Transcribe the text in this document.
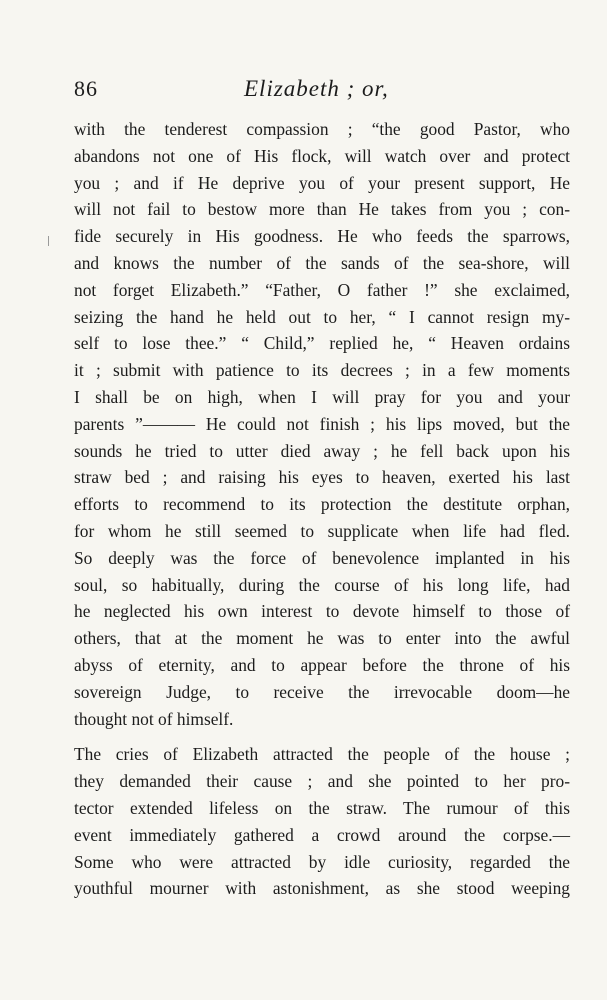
86	Elizabeth ; or,
with the tenderest compassion ; “the good Pastor, who
abandons not one of His flock, will watch over and protect
you ; and if He deprive you of your present support, He
will not fail to bestow more than He takes from you ; con-
fide securely in His goodness. He who feeds the sparrows,
and knows the number of the sands of the sea-shore, will
not forget Elizabeth.” “Father, O father !” she exclaimed,
seizing the hand he held out to her, “ I cannot resign my-
self to lose thee.” “ Child,” replied he, “ Heaven ordains
it ; submit with patience to its decrees ; in a few moments
I shall be on high, when I will pray for you and your
parents ”——— He could not finish ; his lips moved, but the
sounds he tried to utter died away ; he fell back upon his
straw bed ; and raising his eyes to heaven, exerted his last
efforts to recommend to its protection the destitute orphan,
for whom he still seemed to supplicate when life had fled.
So deeply was the force of benevolence implanted in his
soul, so habitually, during the course of his long life, had
he neglected his own interest to devote himself to those of
others, that at the moment he was to enter into the awful
abyss of eternity, and to appear before the throne of his
sovereign Judge, to receive the irrevocable doom—he
thought not of himself.
The cries of Elizabeth attracted the people of the house ;
they demanded their cause ; and she pointed to her pro-
tector extended lifeless on the straw. The rumour of this
event immediately gathered a crowd around the corpse.—
Some who were attracted by idle curiosity, regarded the
youthful mourner with astonishment, as she stood weeping
